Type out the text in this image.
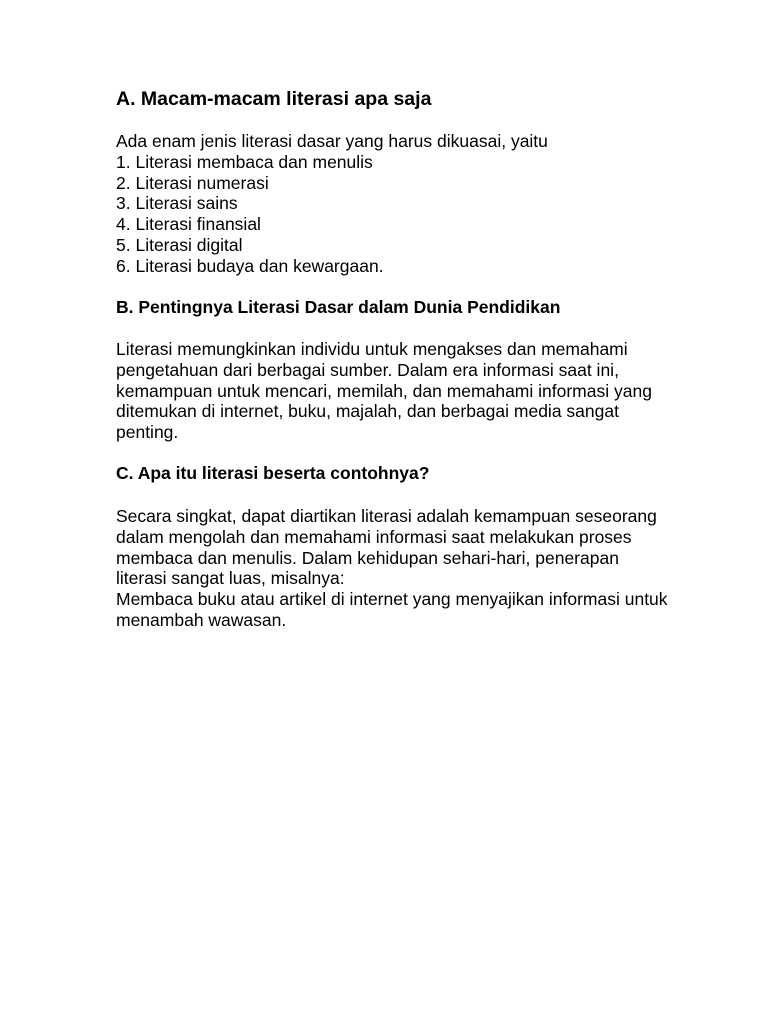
A. Macam-macam literasi apa saja
Ada enam jenis literasi dasar yang harus dikuasai, yaitu
1. Literasi membaca dan menulis
2. Literasi numerasi
3. Literasi sains
4. Literasi finansial
5. Literasi digital
6. Literasi budaya dan kewargaan.
B. Pentingnya Literasi Dasar dalam Dunia Pendidikan

Literasi memungkinkan individu untuk mengakses dan memahami
pengetahuan dari berbagai sumber. Dalam era informasi saat ini,
kemampuan untuk mencari, memilah, dan memahami informasi yang
ditemukan di internet, buku, majalah, dan berbagai media sangat
penting.

C. Apa itu literasi beserta contohnya?

Secara singkat, dapat diartikan literasi adalah kemampuan seseorang
dalam mengolah dan memahami informasi saat melakukan proses
membaca dan menulis. Dalam kehidupan sehari-hari, penerapan
literasi sangat luas, misalnya:
Membaca buku atau artikel di internet yang menyajikan informasi untuk
menambah wawasan.
